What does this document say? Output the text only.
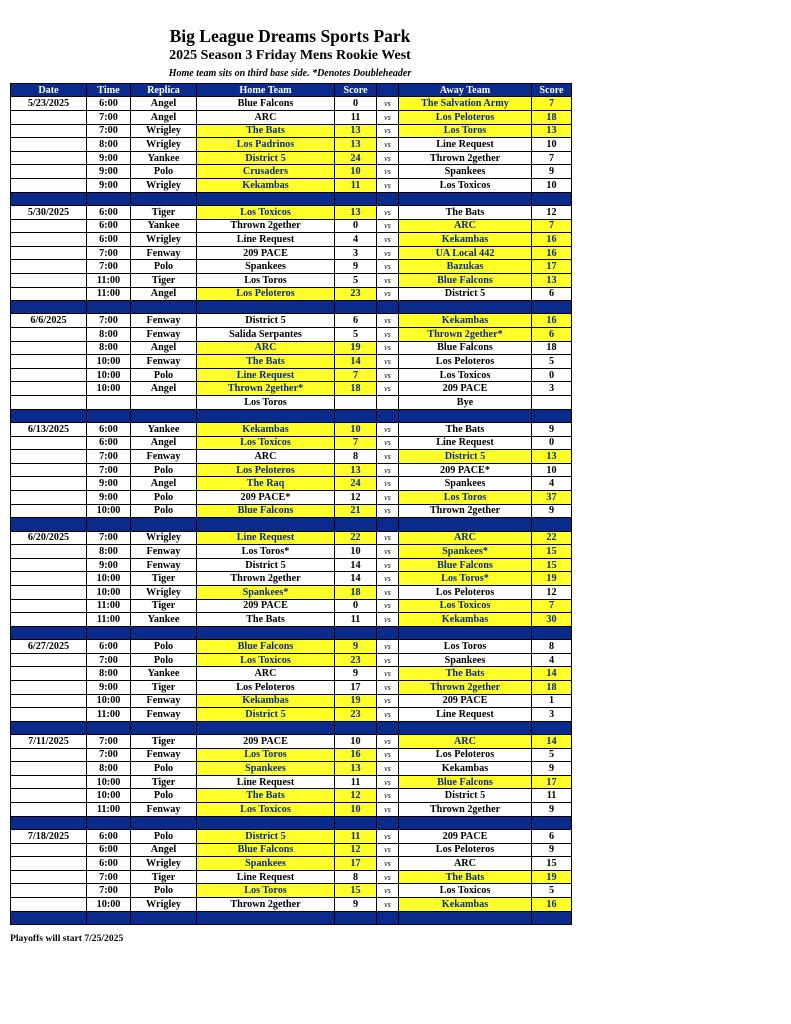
Big League Dreams Sports Park
2025 Season 3 Friday Mens Rookie West
Home team sits on third base side. *Denotes Doubleheader
Date	Time	Replica	Home Team	Score		Away Team	Score
5/23/2025	6:00	Angel	Blue Falcons	0	vs	The Salvation Army	7
	7:00	Angel	ARC	11	vs	Los Peloteros	18
	7:00	Wrigley	The Bats	13	vs	Los Toros	13
	8:00	Wrigley	Los Padrinos	13	vs	Line Request	10
	9:00	Yankee	District 5	24	vs	Thrown 2gether	7
	9:00	Polo	Crusaders	10	vs	Spankees	9
	9:00	Wrigley	Kekambas	11	vs	Los Toxicos	10

5/30/2025	6:00	Tiger	Los Toxicos	13	vs	The Bats	12
	6:00	Yankee	Thrown 2gether	0	vs	ARC	7
	6:00	Wrigley	Line Request	4	vs	Kekambas	16
	7:00	Fenway	209 PACE	3	vs	UA Local 442	16
	7:00	Polo	Spankees	9	vs	Bazukas	17
	11:00	Tiger	Los Toros	5	vs	Blue Falcons	13
	11:00	Angel	Los Peloteros	23	vs	District 5	6

6/6/2025	7:00	Fenway	District 5	6	vs	Kekambas	16
	8:00	Fenway	Salida Serpantes	5	vs	Thrown 2gether*	6
	8:00	Angel	ARC	19	vs	Blue Falcons	18
	10:00	Fenway	The Bats	14	vs	Los Peloteros	5
	10:00	Polo	Line Request	7	vs	Los Toxicos	0
	10:00	Angel	Thrown 2gether*	18	vs	209 PACE	3
			Los Toros			Bye	

6/13/2025	6:00	Yankee	Kekambas	10	vs	The Bats	9
	6:00	Angel	Los Toxicos	7	vs	Line Request	0
	7:00	Fenway	ARC	8	vs	District 5	13
	7:00	Polo	Los Peloteros	13	vs	209 PACE*	10
	9:00	Angel	The Raq	24	vs	Spankees	4
	9:00	Polo	209 PACE*	12	vs	Los Toros	37
	10:00	Polo	Blue Falcons	21	vs	Thrown 2gether	9

6/20/2025	7:00	Wrigley	Line Request	22	vs	ARC	22
	8:00	Fenway	Los Toros*	10	vs	Spankees*	15
	9:00	Fenway	District 5	14	vs	Blue Falcons	15
	10:00	Tiger	Thrown 2gether	14	vs	Los Toros*	19
	10:00	Wrigley	Spankees*	18	vs	Los Peloteros	12
	11:00	Tiger	209 PACE	0	vs	Los Toxicos	7
	11:00	Yankee	The Bats	11	vs	Kekambas	30

6/27/2025	6:00	Polo	Blue Falcons	9	vs	Los Toros	8
	7:00	Polo	Los Toxicos	23	vs	Spankees	4
	8:00	Yankee	ARC	9	vs	The Bats	14
	9:00	Tiger	Los Peloteros	17	vs	Thrown 2gether	18
	10:00	Fenway	Kekambas	19	vs	209 PACE	1
	11:00	Fenway	District 5	23	vs	Line Request	3

7/11/2025	7:00	Tiger	209 PACE	10	vs	ARC	14
	7:00	Fenway	Los Toros	16	vs	Los Peloteros	5
	8:00	Polo	Spankees	13	vs	Kekambas	9
	10:00	Tiger	Line Request	11	vs	Blue Falcons	17
	10:00	Polo	The Bats	12	vs	District 5	11
	11:00	Fenway	Los Toxicos	10	vs	Thrown 2gether	9

7/18/2025	6:00	Polo	District 5	11	vs	209 PACE	6
	6:00	Angel	Blue Falcons	12	vs	Los Peloteros	9
	6:00	Wrigley	Spankees	17	vs	ARC	15
	7:00	Tiger	Line Request	8	vs	The Bats	19
	7:00	Polo	Los Toros	15	vs	Los Toxicos	5
	10:00	Wrigley	Thrown 2gether	9	vs	Kekambas	16

Playoffs will start 7/25/2025
